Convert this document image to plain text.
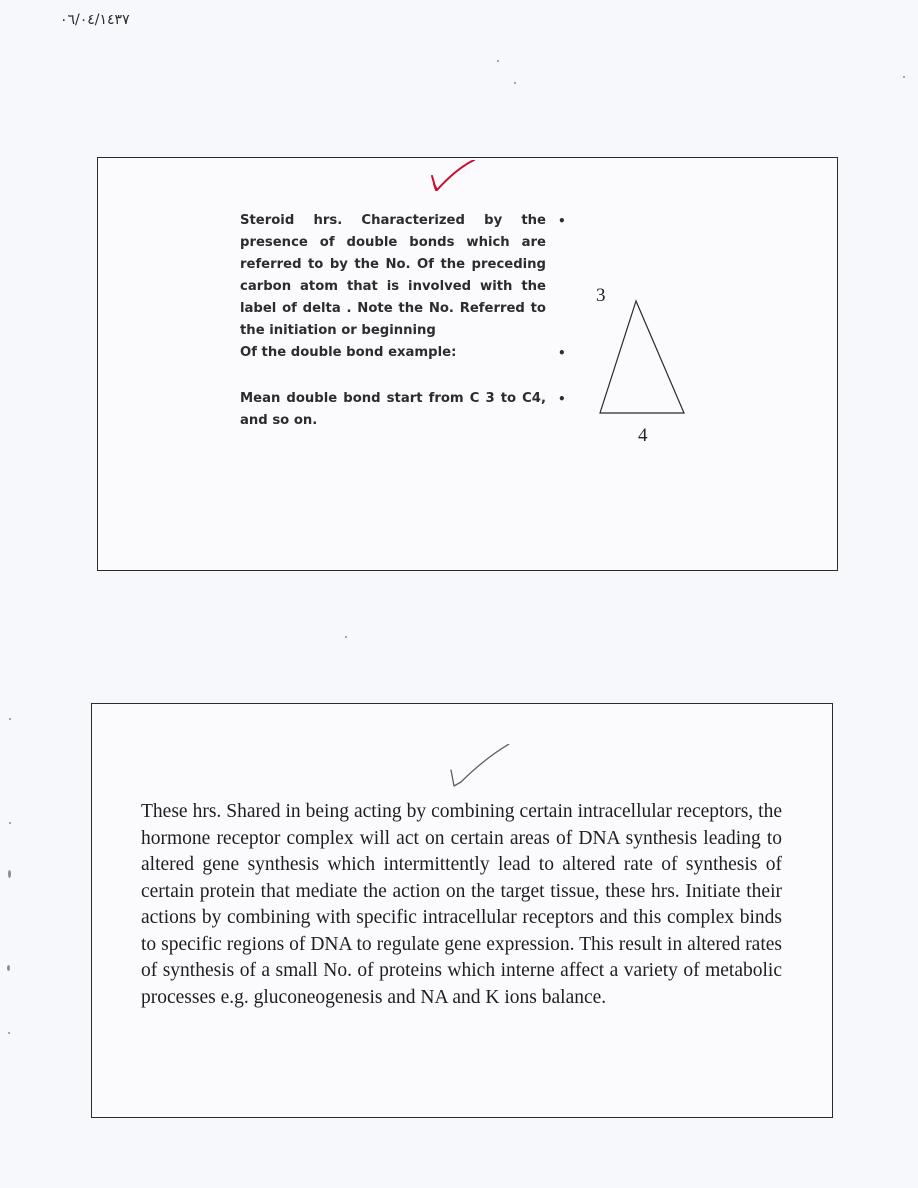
٠٦/٠٤/١٤٣٧
Steroid hrs. Characterized by the presence of double bonds which are referred to by the No. Of the preceding carbon atom that is involved with the label of delta . Note the No. Referred to the initiation or beginning
•
Of the double bond example:	•
Mean double bond start from C 3 to C4, and so on.
•
3
4
These hrs. Shared in being acting by combining certain intracellular receptors, the hormone receptor complex will act on certain areas of DNA synthesis leading to altered gene synthesis which intermittently lead to altered rate of synthesis of certain protein that mediate the action on the target tissue, these hrs. Initiate their actions by combining with specific intracellular receptors and this complex binds to specific regions of DNA to regulate gene expression. This result in altered rates of synthesis of a small No. of proteins which interne affect a variety of metabolic processes e.g. gluconeogenesis and NA and K ions balance.
